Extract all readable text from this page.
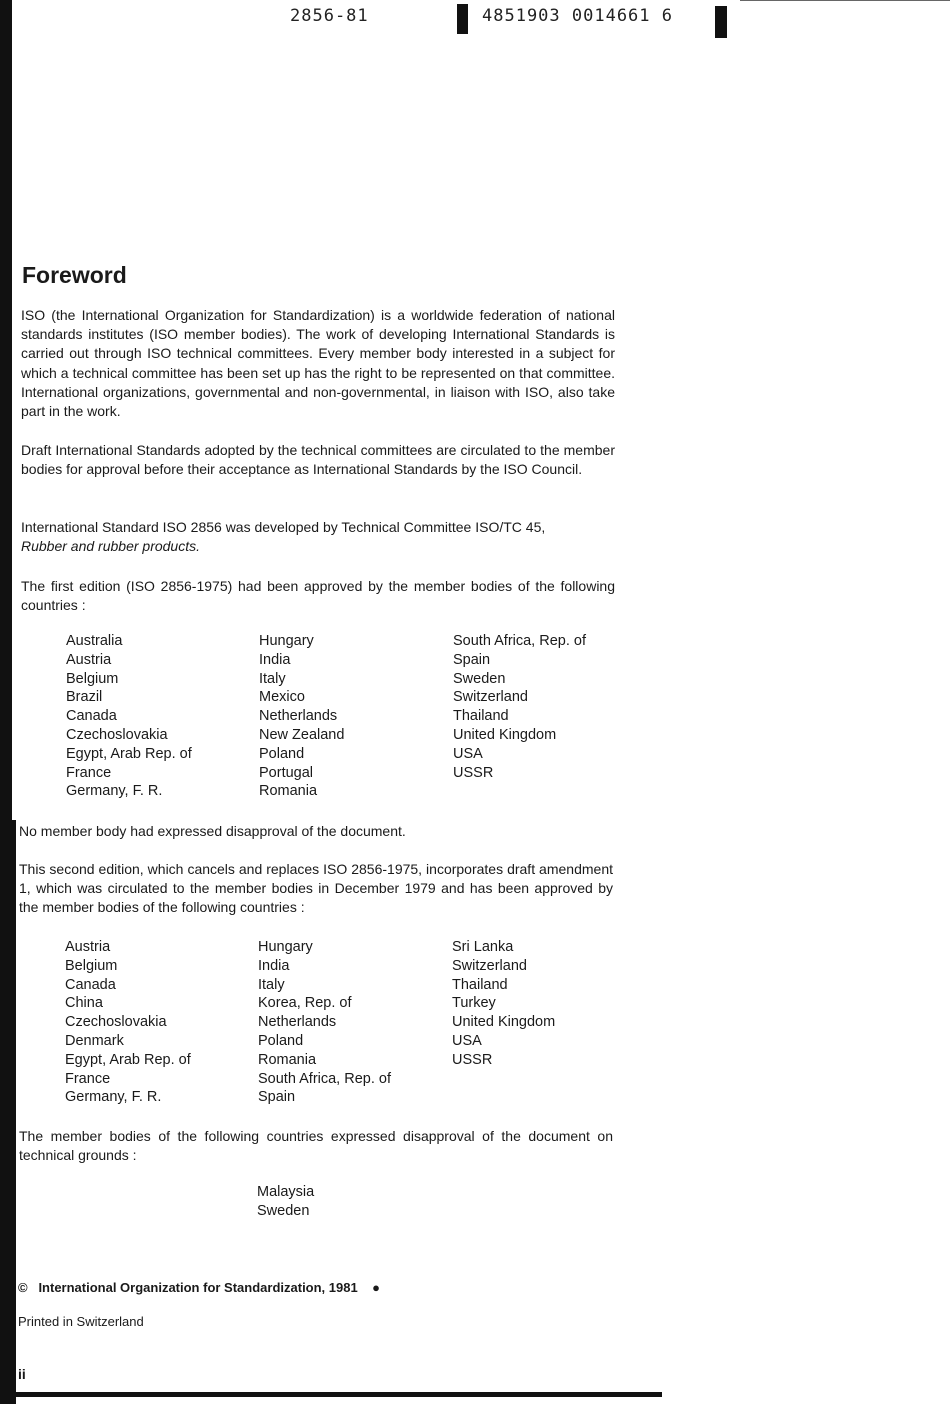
2856-81	4851903 0014661 6
Foreword

ISO (the International Organization for Standardization) is a worldwide federation of national standards institutes (ISO member bodies). The work of developing International Standards is carried out through ISO technical committees. Every member body interested in a subject for which a technical committee has been set up has the right to be represented on that committee. International organizations, governmental and non-governmental, in liaison with ISO, also take part in the work.

Draft International Standards adopted by the technical committees are circulated to the member bodies for approval before their acceptance as International Standards by the ISO Council.

International Standard ISO 2856 was developed by Technical Committee ISO/TC 45,
Rubber and rubber products.

The first edition (ISO 2856-1975) had been approved by the member bodies of the following countries :

Australia
Austria
Belgium
Brazil
Canada
Czechoslovakia
Egypt, Arab Rep. of
France
Germany, F. R.
Hungary
India
Italy
Mexico
Netherlands
New Zealand
Poland
Portugal
Romania
South Africa, Rep. of
Spain
Sweden
Switzerland
Thailand
United Kingdom
USA
USSR

No member body had expressed disapproval of the document.

This second edition, which cancels and replaces ISO 2856-1975, incorporates draft amendment 1, which was circulated to the member bodies in December 1979 and has been approved by the member bodies of the following countries :

Austria
Belgium
Canada
China
Czechoslovakia
Denmark
Egypt, Arab Rep. of
France
Germany, F. R.
Hungary
India
Italy
Korea, Rep. of
Netherlands
Poland
Romania
South Africa, Rep. of
Spain
Sri Lanka
Switzerland
Thailand
Turkey
United Kingdom
USA
USSR

The member bodies of the following countries expressed disapproval of the document on technical grounds :

Malaysia
Sweden
© International Organization for Standardization, 1981 ●
Printed in Switzerland
ii
